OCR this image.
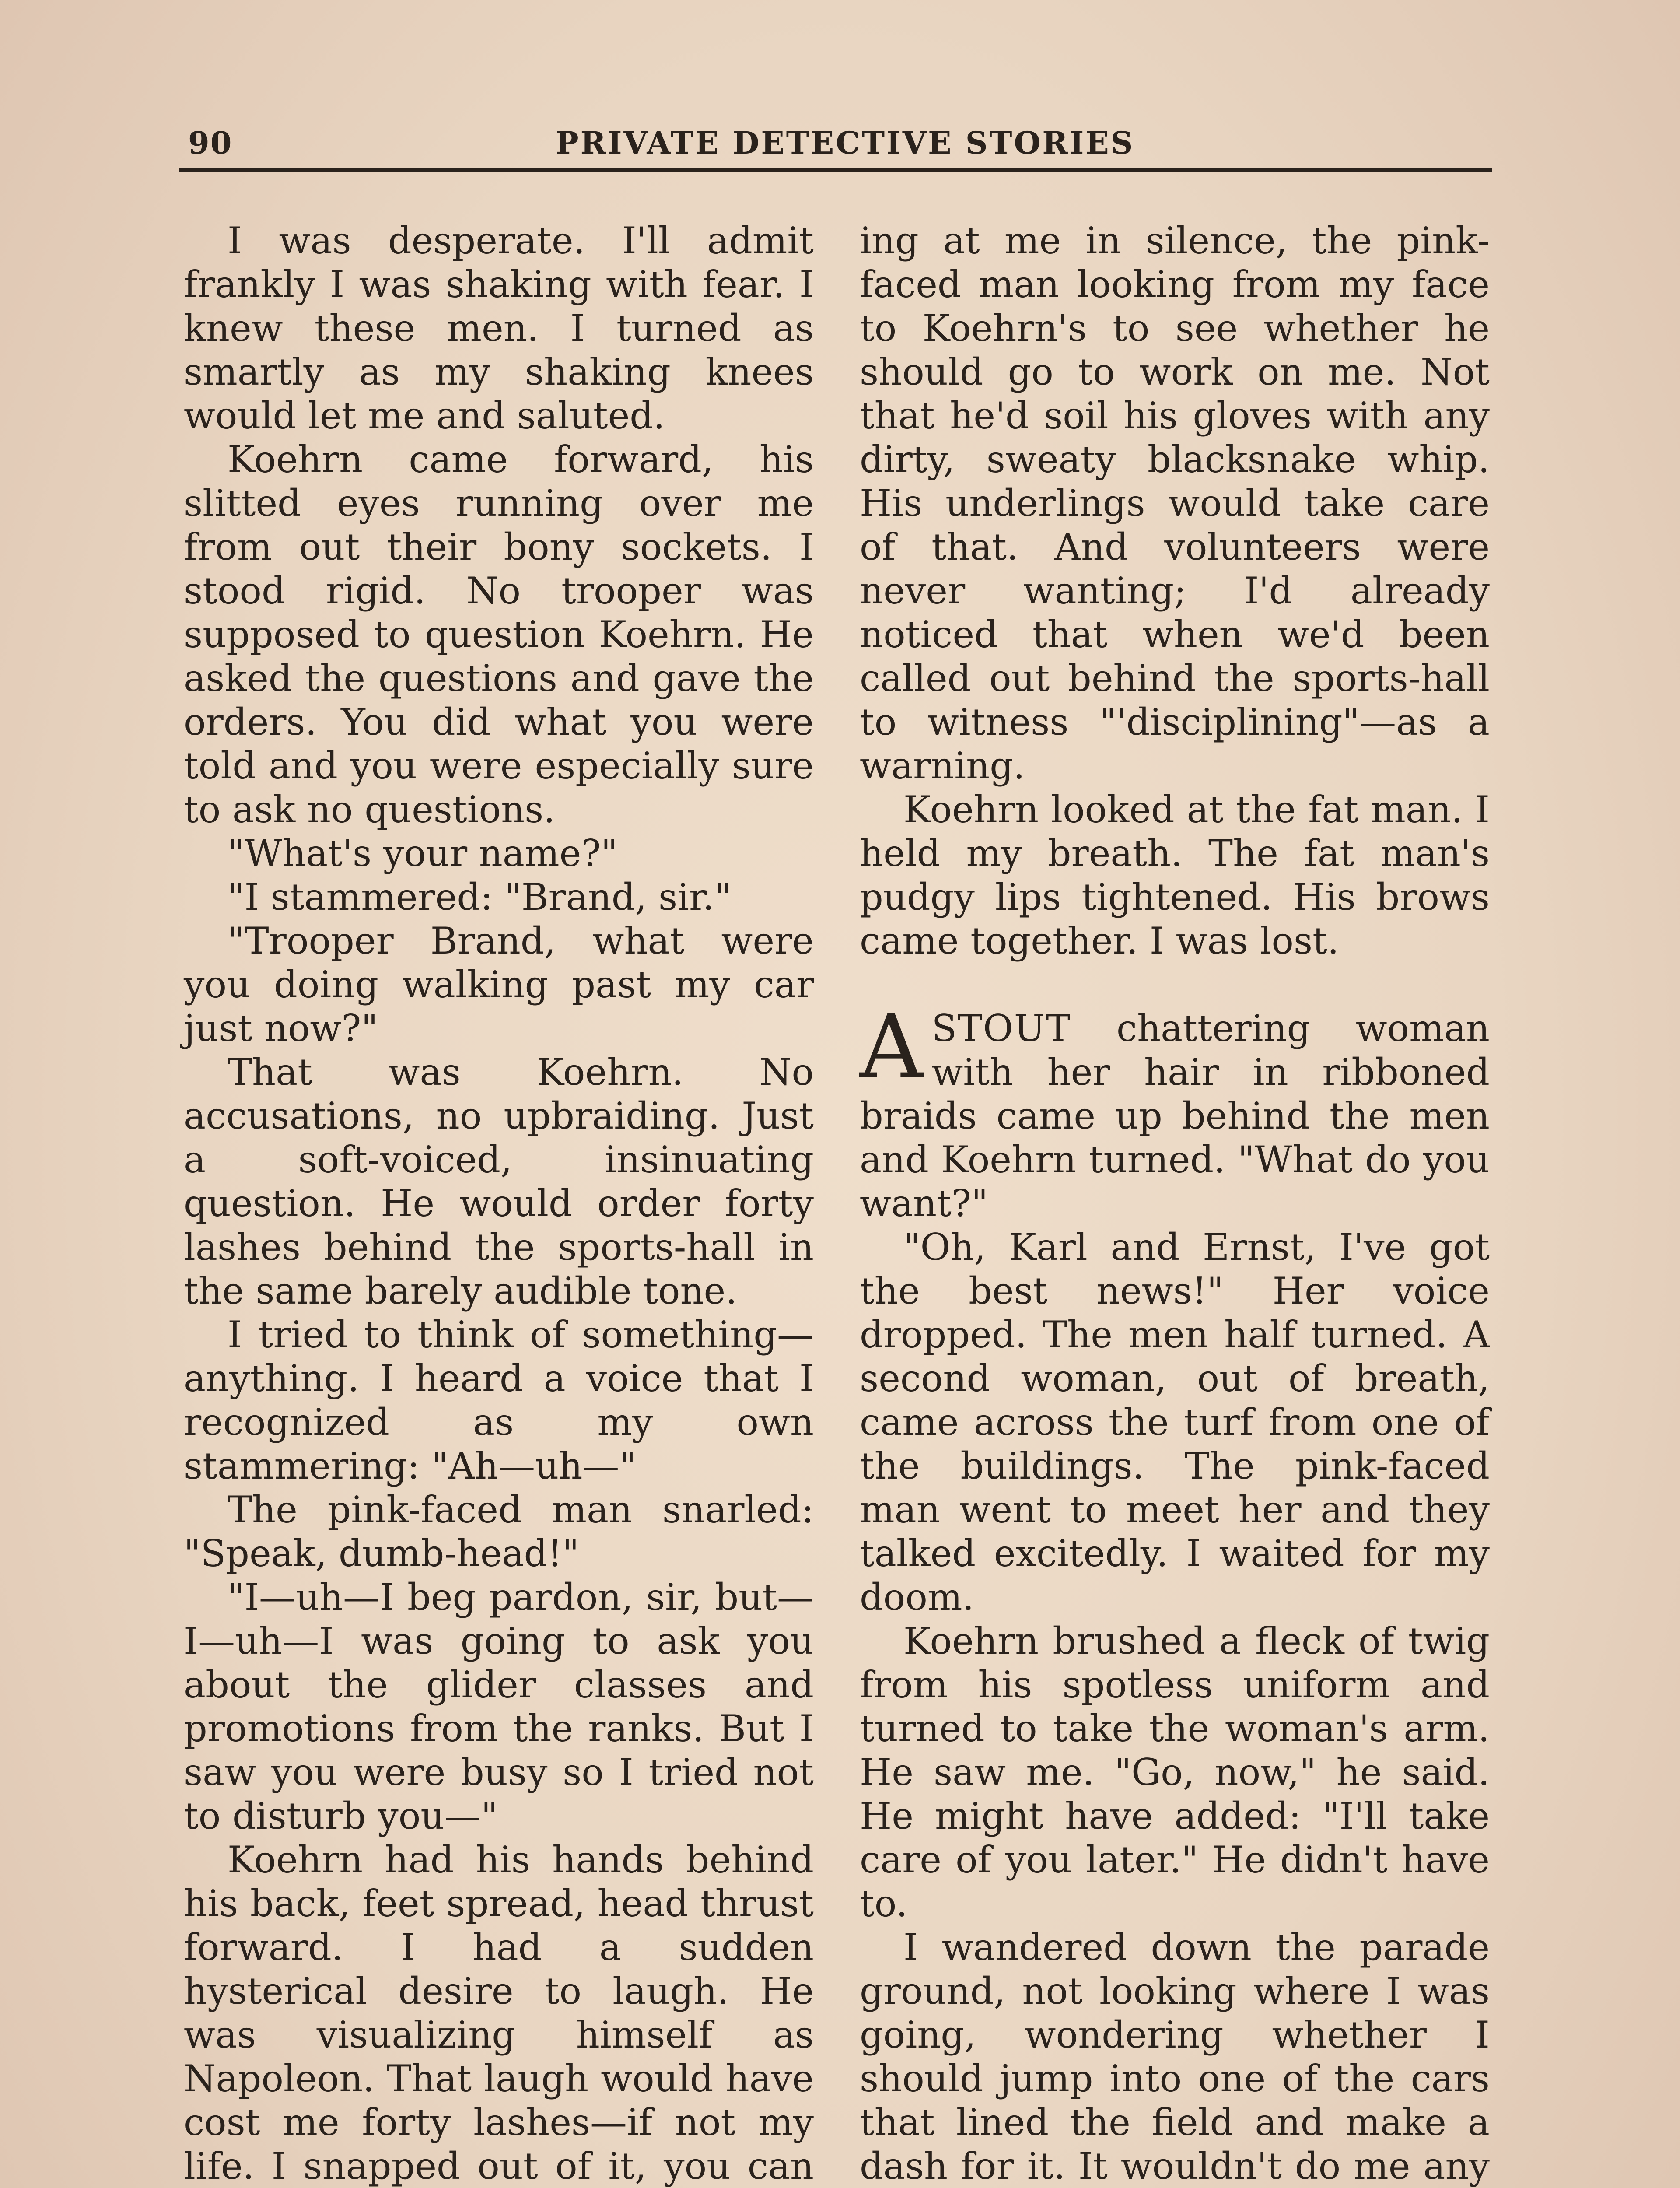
90	PRIVATE DETECTIVE STORIES

I was desperate. I'll admit frankly I was shaking with fear. I knew these men. I turned as smartly as my shaking knees would let me and saluted.

Koehrn came forward, his slitted eyes running over me from out their bony sockets. I stood rigid. No trooper was supposed to question Koehrn. He asked the questions and gave the orders. You did what you were told and you were especially sure to ask no questions.

"What's your name?"

"I stammered: "Brand, sir."

"Trooper Brand, what were you doing walking past my car just now?"

That was Koehrn. No accusations, no upbraiding. Just a soft-voiced, insinuating question. He would order forty lashes behind the sports-hall in the same barely audible tone.

I tried to think of something—anything. I heard a voice that I recognized as my own stammering: "Ah—uh—"

The pink-faced man snarled: "Speak, dumb-head!"

"I—uh—I beg pardon, sir, but—I—uh—I was going to ask you about the glider classes and promotions from the ranks. But I saw you were busy so I tried not to disturb you—"

Koehrn had his hands behind his back, feet spread, head thrust forward. I had a sudden hysterical desire to laugh. He was visualizing himself as Napoleon. That laugh would have cost me forty lashes—if not my life. I snapped out of it, you can

ing at me in silence, the pink-faced man looking from my face to Koehrn's to see whether he should go to work on me. Not that he'd soil his gloves with any dirty, sweaty blacksnake whip. His underlings would take care of that. And volunteers were never wanting; I'd already noticed that when we'd been called out behind the sports-hall to witness "'disciplining"—as a warning.

Koehrn looked at the fat man. I held my breath. The fat man's pudgy lips tightened. His brows came together. I was lost.

ASTOUT chattering woman with her hair in ribboned braids came up behind the men and Koehrn turned. "What do you want?"

"Oh, Karl and Ernst, I've got the best news!" Her voice dropped. The men half turned. A second woman, out of breath, came across the turf from one of the buildings. The pink-faced man went to meet her and they talked excitedly. I waited for my doom.

Koehrn brushed a fleck of twig from his spotless uniform and turned to take the woman's arm. He saw me. "Go, now," he said. He might have added: "I'll take care of you later." He didn't have to.

I wandered down the parade ground, not looking where I was going, wondering whether I should jump into one of the cars that lined the field and make a dash for it. It wouldn't do me any
